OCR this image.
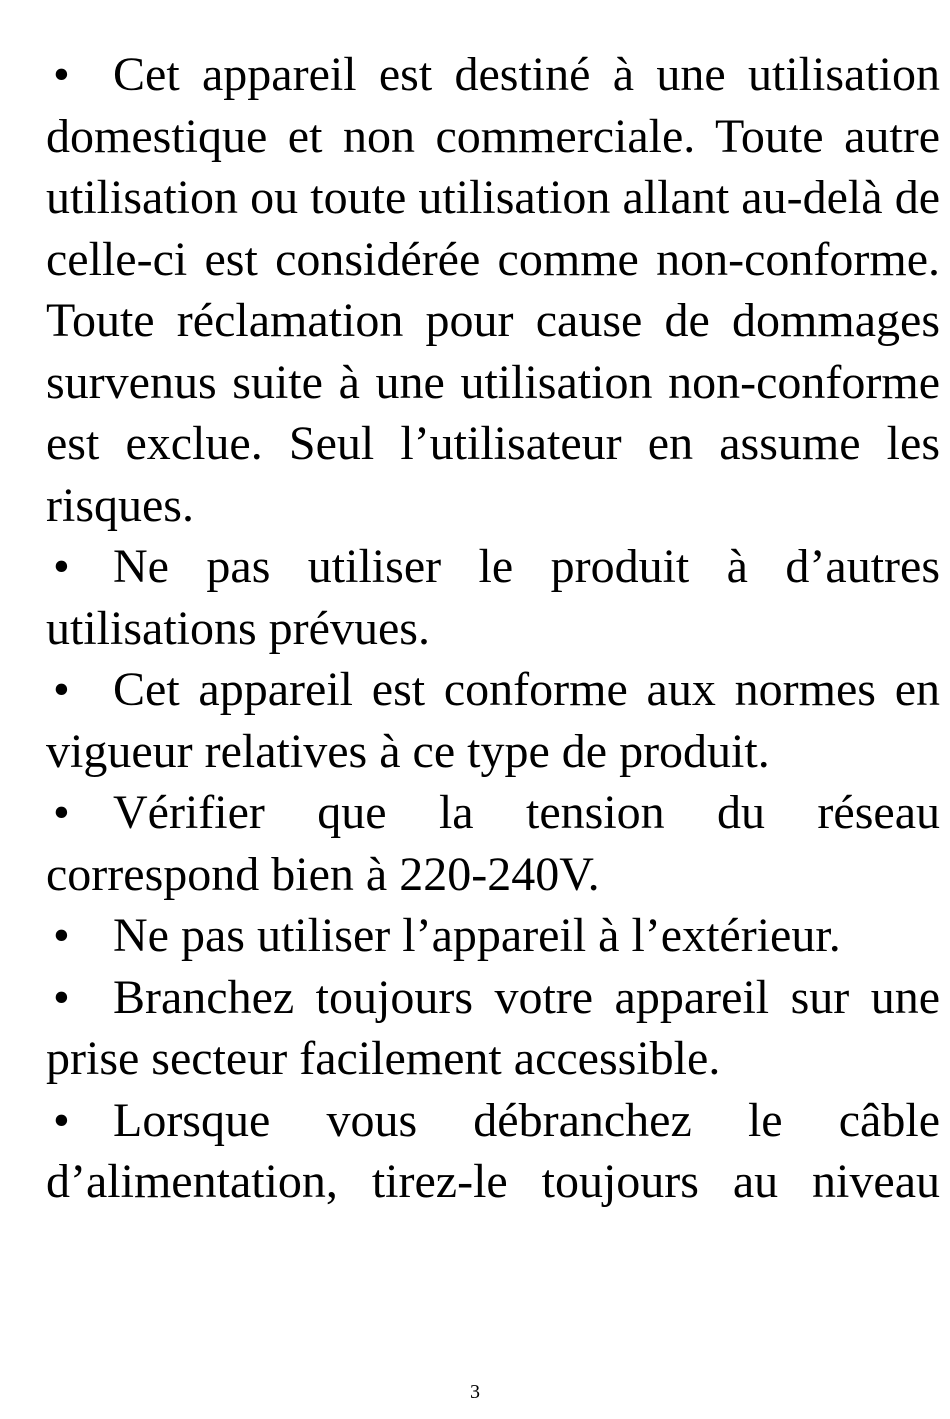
• Cet appareil est destiné à une utilisation domestique et non commerciale. Toute autre utilisation ou toute utilisation allant au-delà de celle-ci est considérée comme non-conforme. Toute réclamation pour cause de dommages survenus suite à une utilisation non-conforme est exclue. Seul l’utilisateur en assume les risques.

• Ne pas utiliser le produit à d’autres utilisations prévues.

• Cet appareil est conforme aux normes en vigueur relatives à ce type de produit.

• Vérifier que la tension du réseau correspond bien à 220-240V.

• Ne pas utiliser l’appareil à l’extérieur.

• Branchez toujours votre appareil sur une prise secteur facilement accessible.

• Lorsque vous débranchez le câble d’alimentation, tirez-le toujours au niveau

3
